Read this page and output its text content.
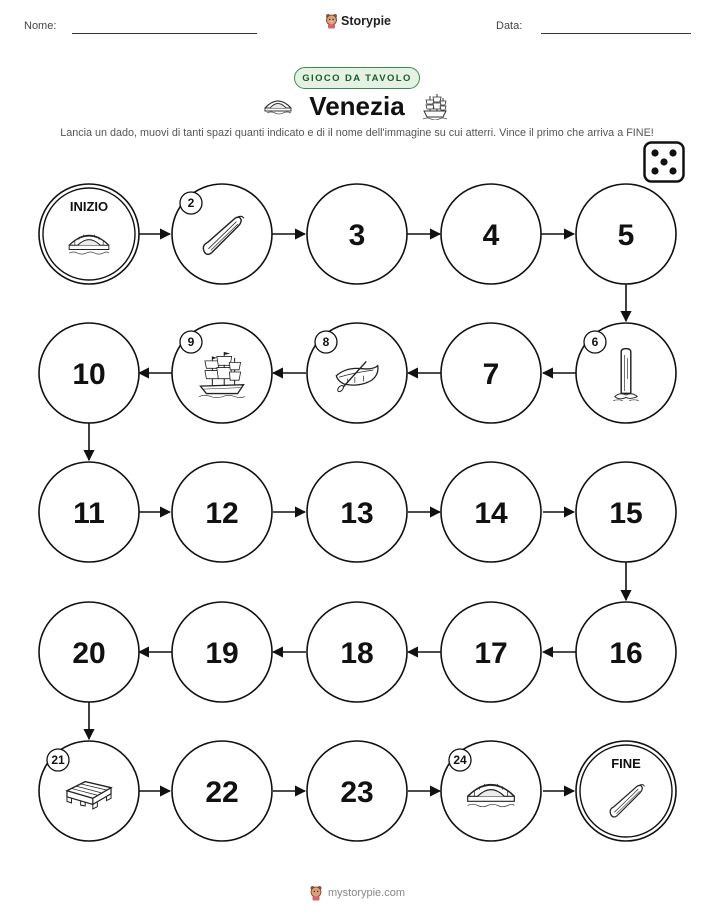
Nome:	Storypie	Data:
GIOCO DA TAVOLO
Venezia
Lancia un dado, muovi di tanti spazi quanti indicato e di il nome dell'immagine su cui atterri. Vince il primo che arriva a FINE!
INIZIO	2
3	4	5
6
7
8
9
10
11	12	13	14	15
16
17
18
19
20
21
22	23
24	FINE
mystorypie.com
